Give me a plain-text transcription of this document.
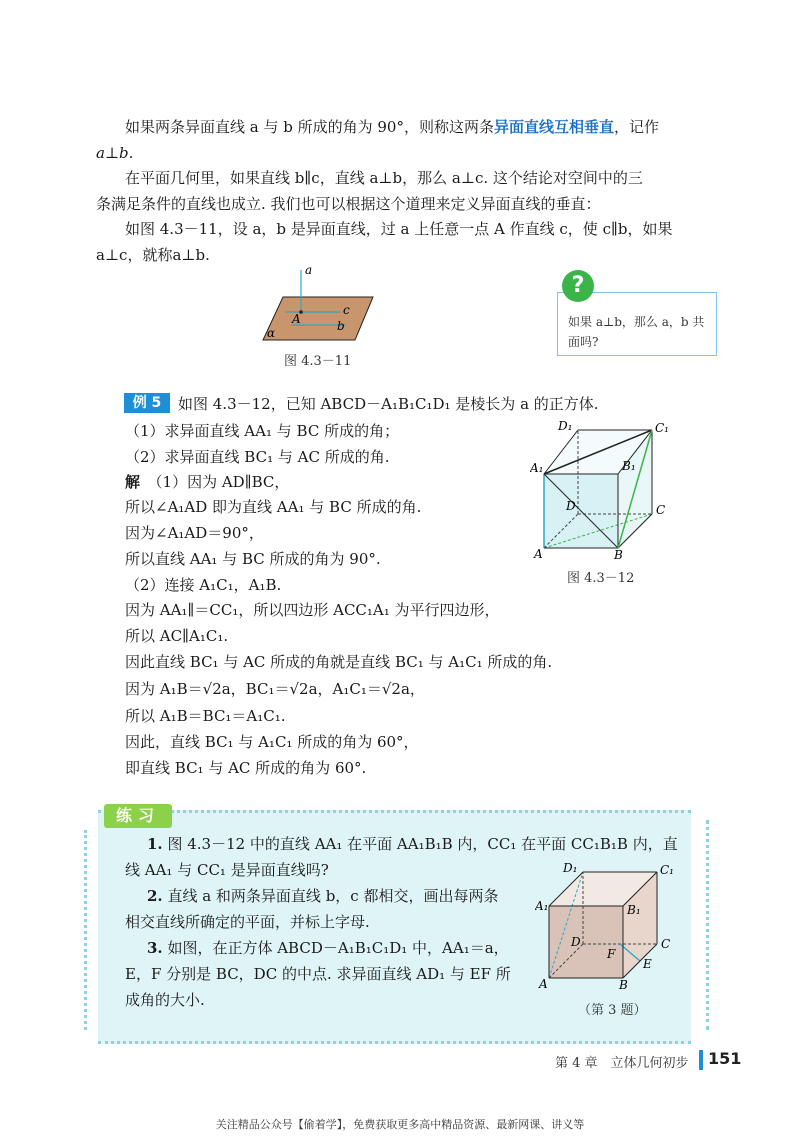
如果两条异面直线 a 与 b 所成的角为 90°，则称这两条异面直线互相垂直，记作
a⊥b.
在平面几何里，如果直线 b∥c，直线 a⊥b，那么 a⊥c. 这个结论对空间中的三
条满足条件的直线也成立. 我们也可以根据这个道理来定义异面直线的垂直：
如图 4.3－11，设 a，b 是异面直线，过 a 上任意一点 A 作直线 c，使 c∥b，如果
a⊥c，就称a⊥b.
a
c
A	b
α
图 4.3－11
?
如果 a⊥b，那么 a，b 共面吗?
例 5	如图 4.3－12，已知 ABCD－A₁B₁C₁D₁ 是棱长为 a 的正方体.
（1）求异面直线 AA₁ 与 BC 所成的角；
（2）求异面直线 BC₁ 与 AC 所成的角.
解　 （1）因为 AD∥BC，
所以∠A₁AD 即为直线 AA₁ 与 BC 所成的角.
因为∠A₁AD＝90°，
所以直线 AA₁ 与 BC 所成的角为 90°.
（2）连接 A₁C₁，A₁B.
因为 AA₁∥＝CC₁，所以四边形 ACC₁A₁ 为平行四边形，
所以 AC∥A₁C₁.
因此直线 BC₁ 与 AC 所成的角就是直线 BC₁ 与 A₁C₁ 所成的角.
因为 A₁B＝√2a，BC₁＝√2a，A₁C₁＝√2a，
所以 A₁B＝BC₁＝A₁C₁.
因此，直线 BC₁ 与 A₁C₁ 所成的角为 60°，
即直线 BC₁ 与 AC 所成的角为 60°.
D₁	C₁
A₁	B₁
D	C
A	B
图 4.3－12
练习
1. 图 4.3－12 中的直线 AA₁ 在平面 AA₁B₁B 内，CC₁ 在平面 CC₁B₁B 内，直
线 AA₁ 与 CC₁ 是异面直线吗?
2. 直线 a 和两条异面直线 b，c 都相交，画出每两条
相交直线所确定的平面，并标上字母.
3. 如图，在正方体 ABCD－A₁B₁C₁D₁ 中，AA₁＝a，
E，F 分别是 BC，DC 的中点. 求异面直线 AD₁ 与 EF 所
成角的大小.
D₁	C₁
A₁	B₁
D	C
F
E
A	B
（第 3 题）
第 4 章　立体几何初步 151
关注精品公众号【偷着学】，免费获取更多高中精品资源、最新网课、讲义等
